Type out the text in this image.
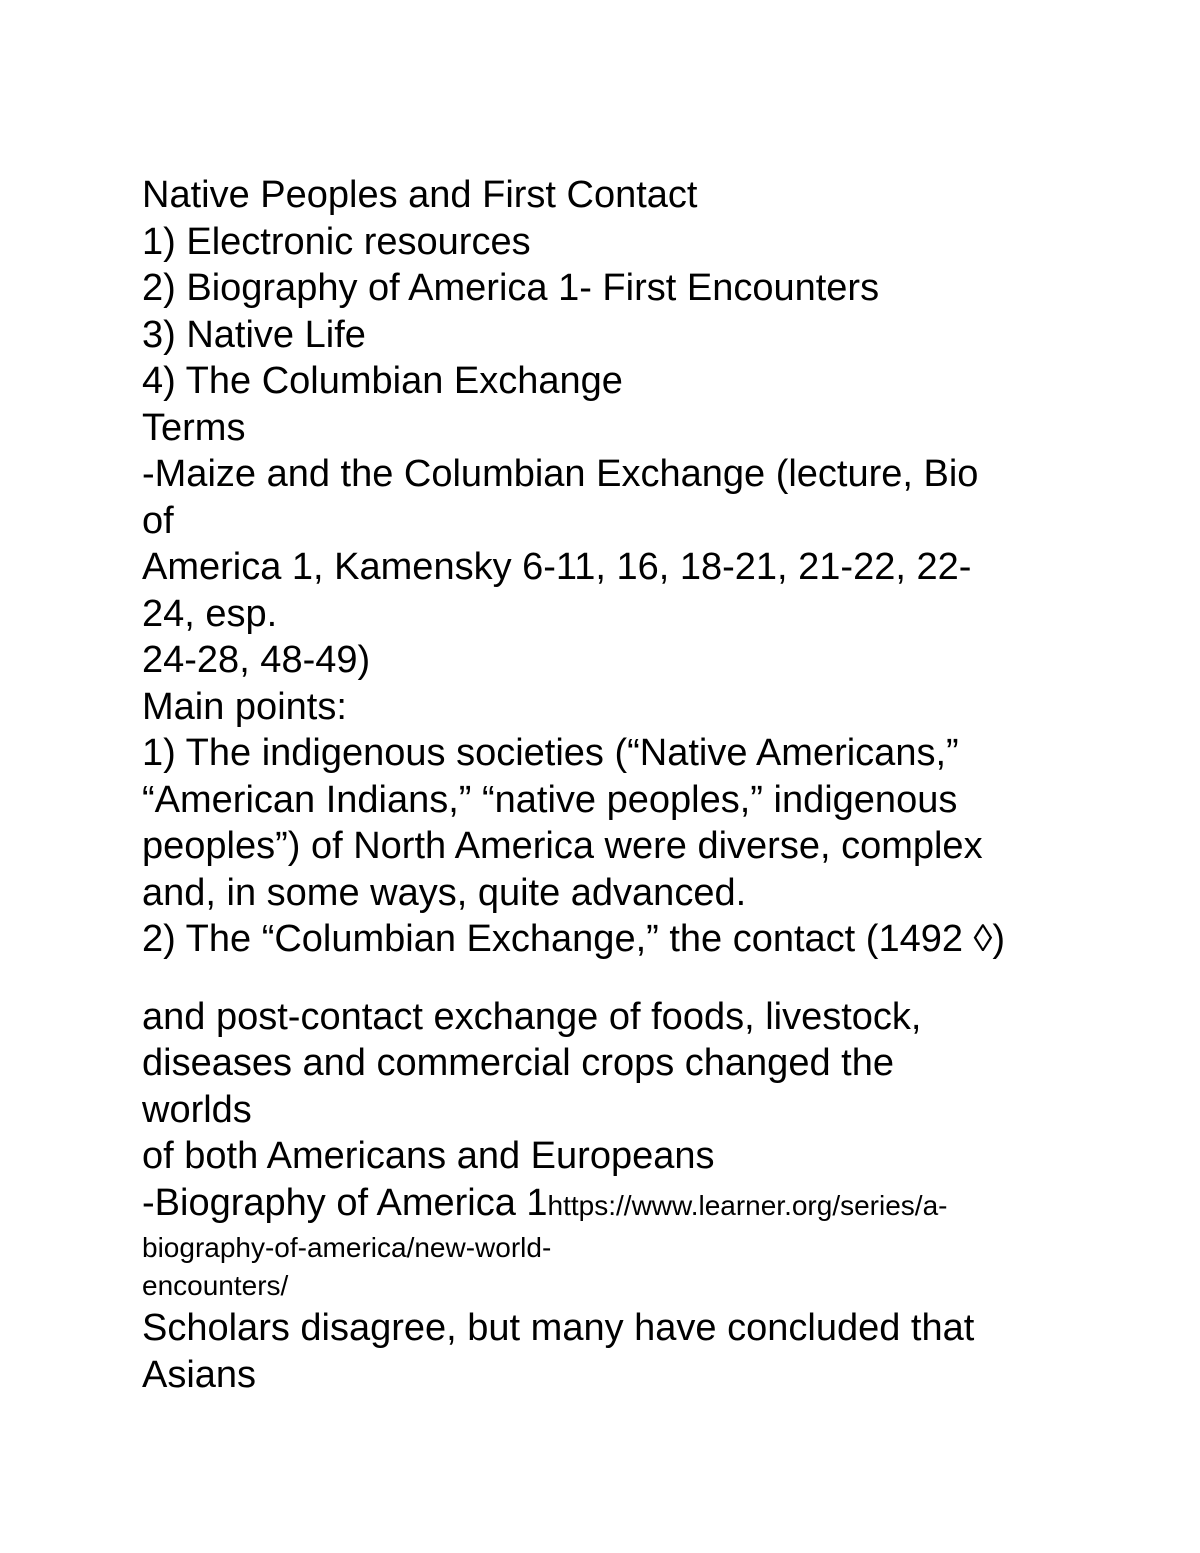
Native Peoples and First Contact

1) Electronic resources

2) Biography of America 1- First Encounters

3) Native Life

4) The Columbian Exchange

Terms

-Maize and the Columbian Exchange (lecture, Bio

of

America 1, Kamensky 6-11, 16, 18-21, 21-22, 22-

24, esp.

24-28, 48-49)

Main points:

1) The indigenous societies (“Native Americans,”

“American Indians,” “native peoples,” indigenous

peoples”) of North America were diverse, complex

and, in some ways, quite advanced.

2) The “Columbian Exchange,” the contact (1492 ◊)

and post-contact exchange of foods, livestock,

diseases and commercial crops changed the

worlds

of both Americans and Europeans

-Biography of America 1https://www.learner.org/series/a-

biography-of-america/new-world-

encounters/

Scholars disagree, but many have concluded that

Asians
